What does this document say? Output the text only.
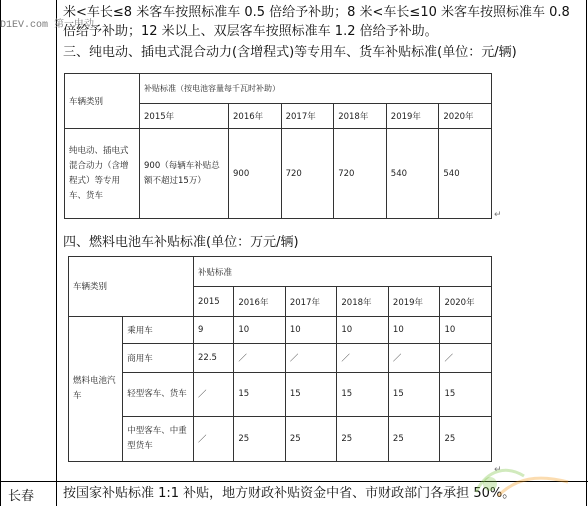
D1EV.com 第一电动
米<车长≤8 米客车按照标准车 0.5 倍给予补助；8 米<车长≤10 米客车按照标准车 0.8
倍给予补助；12 米以上、双层客车按照标准车 1.2 倍给予补助。
三、纯电动、插电式混合动力(含增程式)等专用车、货车补贴标准(单位：元/辆)
车辆类别	补贴标准（按电池容量每千瓦时补助）					
	2015年	2016年	2017年	2018年	2019年	2020年
纯电动、插电式混合动力（含增程式）等专用车、货车	900（每辆车补贴总额不超过15万）	900	720	720	540	540
↵
四、燃料电池车补贴标准(单位：万元/辆)
车辆类别		补贴标准					
		2015	2016年	2017年	2018年	2019年	2020年
燃料电池汽车	乘用车	9	10	10	10	10	10
	商用车	22.5	／	／	／	／	／
	轻型客车、货车	／	15	15	15	15	15
	中型客车、中重型货车	／	25	25	25	25	25
↵
长春 按国家补贴标准 1:1 补贴，地方财政补贴资金中省、市财政部门各承担 50%。
